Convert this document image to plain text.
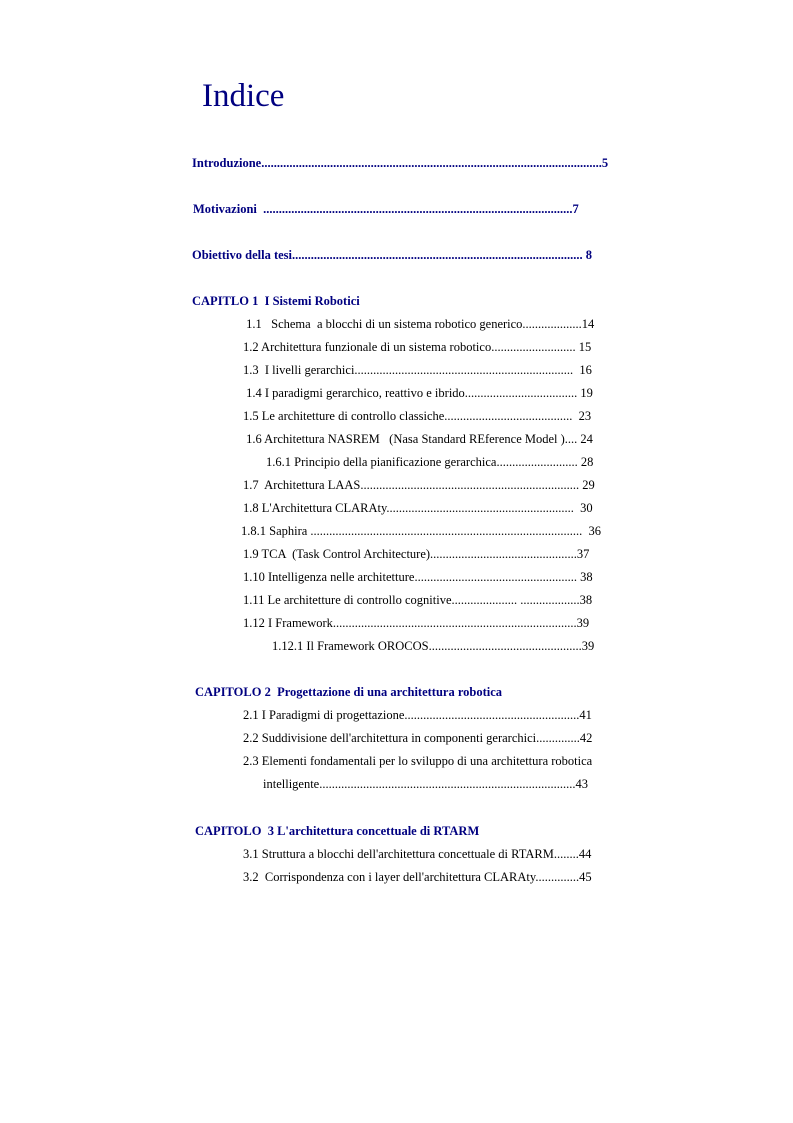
Indice
Introduzione.............................................................................................................5
Motivazioni  ...................................................................................................7
Obiettivo della tesi............................................................................................. 8
CAPITLO 1  I Sistemi Robotici
1.1   Schema  a blocchi di un sistema robotico generico...................14
1.2 Architettura funzionale di un sistema robotico........................... 15
1.3  I livelli gerarchici......................................................................  16
1.4 I paradigmi gerarchico, reattivo e ibrido.................................... 19
1.5 Le architetture di controllo classiche.........................................  23
1.6 Architettura NASREM   (Nasa Standard REference Model ).... 24
1.6.1 Principio della pianificazione gerarchica.......................... 28
1.7  Architettura LAAS...................................................................... 29
1.8 L'Architettura CLARAty............................................................  30
1.8.1 Saphira .......................................................................................  36
1.9 TCA  (Task Control Architecture)...............................................37
1.10 Intelligenza nelle architetture.................................................... 38
1.11 Le architetture di controllo cognitive..................... ...................38
1.12 I Framework..............................................................................39
1.12.1 Il Framework OROCOS.................................................39
CAPITOLO 2  Progettazione di una architettura robotica
2.1 I Paradigmi di progettazione........................................................41
2.2 Suddivisione dell'architettura in componenti gerarchici..............42
2.3 Elementi fondamentali per lo sviluppo di una architettura robotica
intelligente..................................................................................43
CAPITOLO  3 L'architettura concettuale di RTARM
3.1 Struttura a blocchi dell'architettura concettuale di RTARM........44
3.2  Corrispondenza con i layer dell'architettura CLARAty..............45
